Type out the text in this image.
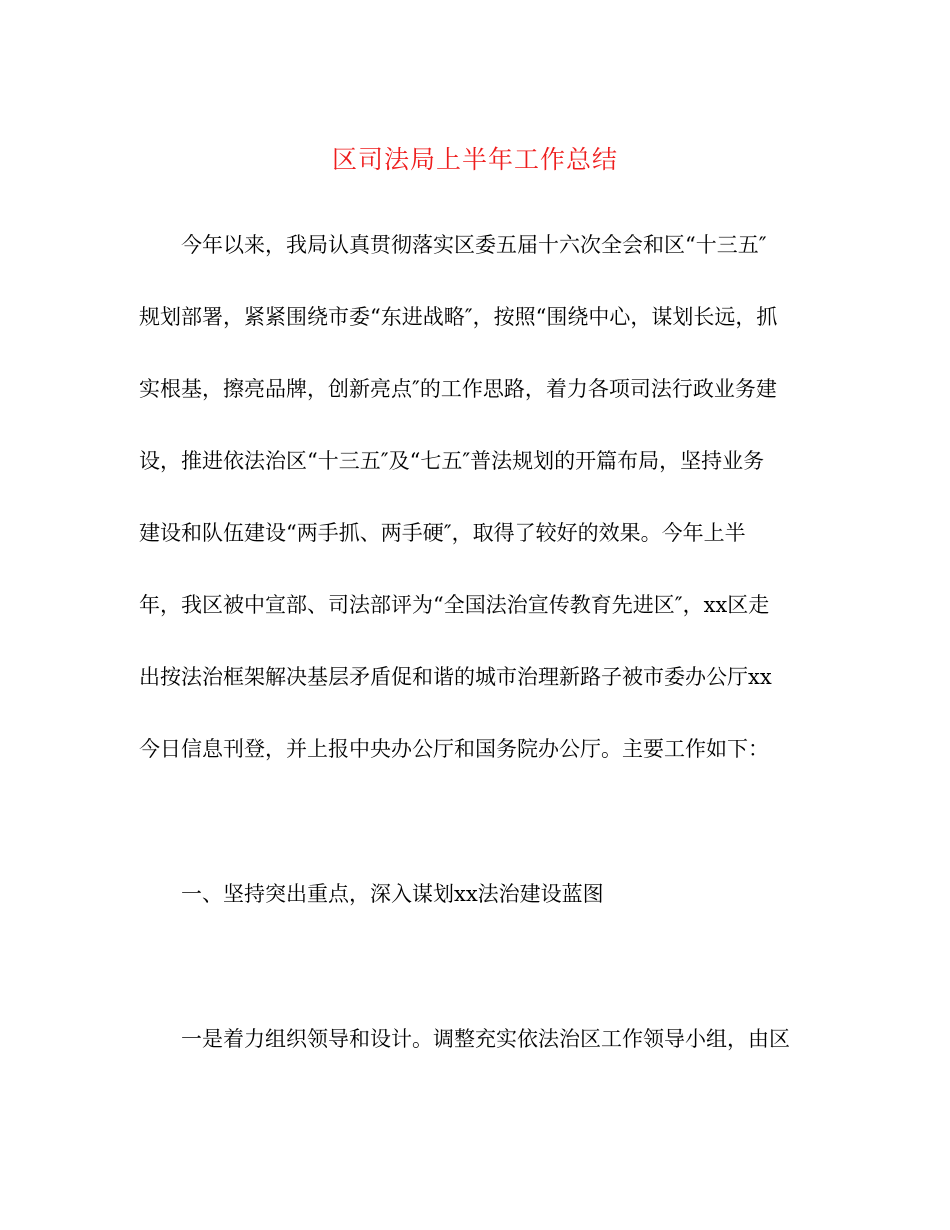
区司法局上半年工作总结
今年以来，我局认真贯彻落实区委五届十六次全会和区“十三五″
规划部署，紧紧围绕市委“东进战略″，按照“围绕中心，谋划长远，抓
实根基，擦亮品牌，创新亮点″的工作思路，着力各项司法行政业务建
设，推进依法治区“十三五″及“七五″普法规划的开篇布局，坚持业务
建设和队伍建设“两手抓、两手硬″，取得了较好的效果。今年上半
年，我区被中宣部、司法部评为“全国法治宣传教育先进区″，xx区走
出按法治框架解决基层矛盾促和谐的城市治理新路子被市委办公厅xx
今日信息刊登，并上报中央办公厅和国务院办公厅。主要工作如下：
一、坚持突出重点，深入谋划xx法治建设蓝图
一是着力组织领导和设计。调整充实依法治区工作领导小组，由区
